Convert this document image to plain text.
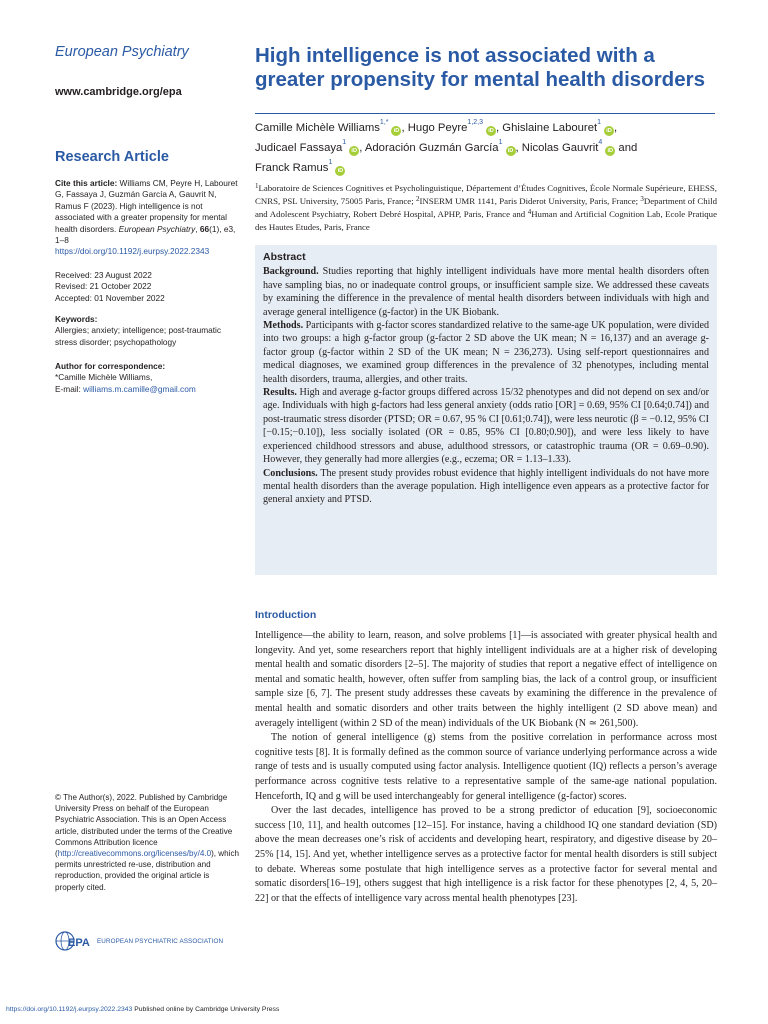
European Psychiatry
www.cambridge.org/epa
Research Article
Cite this article: Williams CM, Peyre H, Labouret G, Fassaya J, Guzmán García A, Gauvrit N, Ramus F (2023). High intelligence is not associated with a greater propensity for mental health disorders. European Psychiatry, 66(1), e3, 1–8
https://doi.org/10.1192/j.eurpsy.2022.2343
Received: 23 August 2022
Revised: 21 October 2022
Accepted: 01 November 2022
Keywords:
Allergies; anxiety; intelligence; post-traumatic stress disorder; psychopathology
Author for correspondence:
*Camille Michèle Williams,
E-mail: williams.m.camille@gmail.com
© The Author(s), 2022. Published by Cambridge University Press on behalf of the European Psychiatric Association. This is an Open Access article, distributed under the terms of the Creative Commons Attribution licence (http://creativecommons.org/licenses/by/4.0), which permits unrestricted re-use, distribution and reproduction, provided the original article is properly cited.
EPA EUROPEAN PSYCHIATRIC ASSOCIATION
High intelligence is not associated with a greater propensity for mental health disorders
Camille Michèle Williams$^{1,*}$iD , Hugo Peyre$^{1,2,3}$iD , Ghislaine Labouret$^1$iD ,
Judicael Fassaya$^1$iD , Adoración Guzmán García$^1$iD , Nicolas Gauvrit$^4$iD and
Franck Ramus$^1$iD
$^1$Laboratoire de Sciences Cognitives et Psycholinguistique, Département d’Études Cognitives, École Normale Supérieure, EHESS, CNRS, PSL University, 75005 Paris, France; $^2$INSERM UMR 1141, Paris Diderot University, Paris, France; $^3$Department of Child and Adolescent Psychiatry, Robert Debré Hospital, APHP, Paris, France and $^4$Human and Artificial Cognition Lab, Ecole Pratique des Hautes Etudes, Paris, France
Abstract

Background. Studies reporting that highly intelligent individuals have more mental health disorders often have sampling bias, no or inadequate control groups, or insufficient sample size. We addressed these caveats by examining the difference in the prevalence of mental health disorders between individuals with high and average general intelligence (g-factor) in the UK Biobank.

Methods. Participants with g-factor scores standardized relative to the same-age UK population, were divided into two groups: a high g-factor group (g-factor 2 SD above the UK mean; N = 16,137) and an average g-factor group (g-factor within 2 SD of the UK mean; N = 236,273). Using self-report questionnaires and medical diagnoses, we examined group differences in the prevalence of 32 phenotypes, including mental health disorders, trauma, allergies, and other traits.

Results. High and average g-factor groups differed across 15/32 phenotypes and did not depend on sex and/or age. Individuals with high g-factors had less general anxiety (odds ratio [OR] = 0.69, 95% CI [0.64;0.74]) and post-traumatic stress disorder (PTSD; OR = 0.67, 95 % CI [0.61;0.74]), were less neurotic (β = −0.12, 95% CI [−0.15;−0.10]), less socially isolated (OR = 0.85, 95% CI [0.80;0.90]), and were less likely to have experienced childhood stressors and abuse, adulthood stressors, or catastrophic trauma (OR = 0.69–0.90). However, they generally had more allergies (e.g., eczema; OR = 1.13–1.33).

Conclusions. The present study provides robust evidence that highly intelligent individuals do not have more mental health disorders than the average population. High intelligence even appears as a protective factor for general anxiety and PTSD.

Introduction

Intelligence—the ability to learn, reason, and solve problems [1]—is associated with greater physical health and longevity. And yet, some researchers report that highly intelligent individuals are at a higher risk of developing mental health and somatic disorders [2–5]. The majority of studies that report a negative effect of intelligence on mental and somatic health, however, often suffer from sampling bias, the lack of a control group, or insufficient sample size [6, 7]. The present study addresses these caveats by examining the difference in the prevalence of mental health and somatic disorders and other traits between the highly intelligent (2 SD above mean) and averagely intelligent (within 2 SD of the mean) individuals of the UK Biobank (N ≃ 261,500).

The notion of general intelligence (g) stems from the positive correlation in performance across most cognitive tests [8]. It is formally defined as the common source of variance underlying performance across a wide range of tests and is usually computed using factor analysis. Intelligence quotient (IQ) reflects a person’s average performance across cognitive tests relative to a representative sample of the same-age national population. Henceforth, IQ and g will be used interchangeably for general intelligence (g-factor) scores.

Over the last decades, intelligence has proved to be a strong predictor of education [9], socioeconomic success [10, 11], and health outcomes [12–15]. For instance, having a childhood IQ one standard deviation (SD) above the mean decreases one’s risk of accidents and developing heart, respiratory, and digestive disease by 20–25% [14, 15]. And yet, whether intelligence serves as a protective factor for mental health disorders is still subject to debate. Whereas some postulate that high intelligence serves as a protective factor for several mental and somatic disorders[16–19], others suggest that high intelligence is a risk factor for these phenotypes [2, 4, 5, 20–22] or that the effects of intelligence vary across mental health phenotypes [23].

https://doi.org/10.1192/j.eurpsy.2022.2343 Published online by Cambridge University Press
